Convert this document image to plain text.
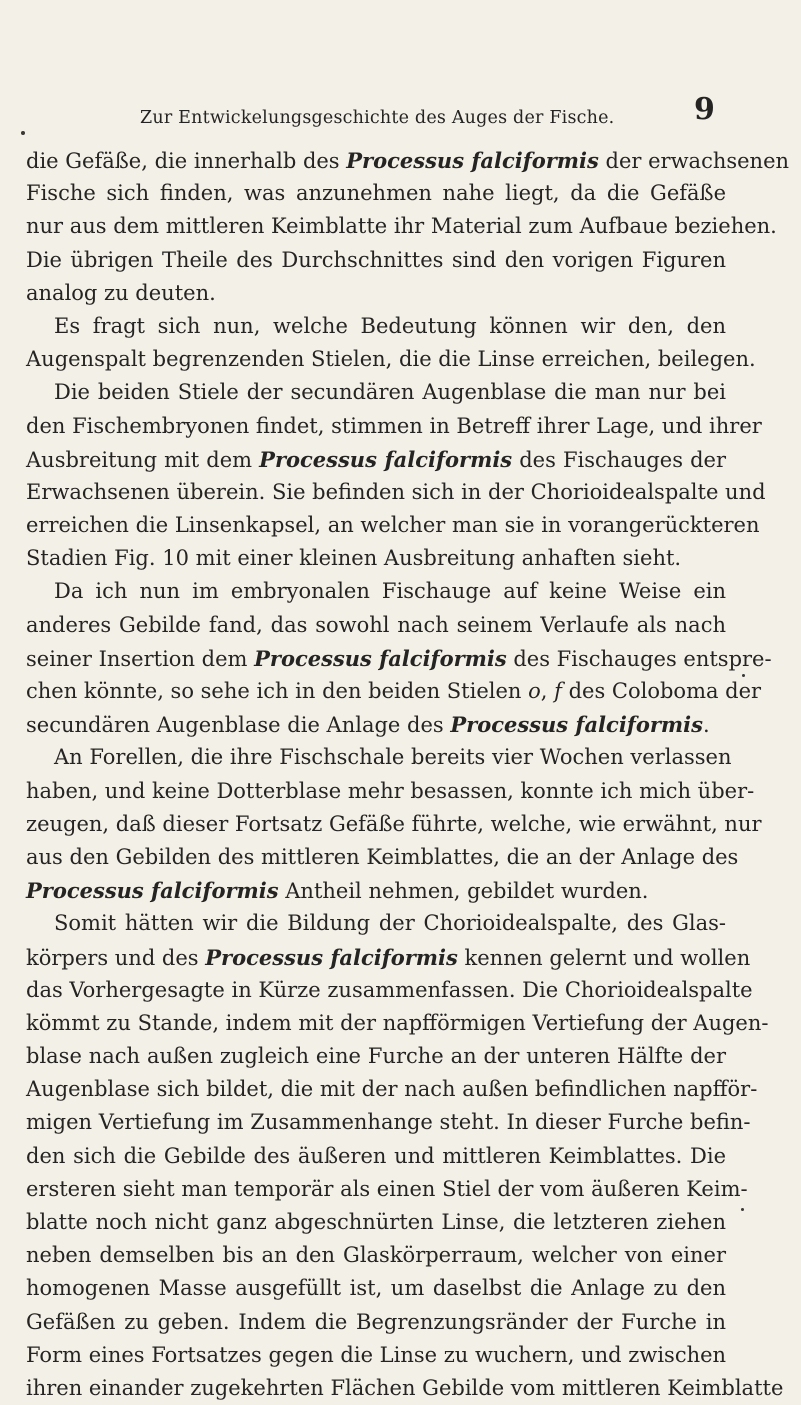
Zur Entwickelungsgeschichte des Auges der Fische.	9
die Gefäße, die innerhalb des Processus falciformis der erwachsenen
Fische sich finden, was anzunehmen nahe liegt, da die Gefäße
nur aus dem mittleren Keimblatte ihr Material zum Aufbaue beziehen.
Die übrigen Theile des Durchschnittes sind den vorigen Figuren
analog zu deuten.
Es fragt sich nun, welche Bedeutung können wir den, den
Augenspalt begrenzenden Stielen, die die Linse erreichen, beilegen.
Die beiden Stiele der secundären Augenblase die man nur bei
den Fischembryonen findet, stimmen in Betreff ihrer Lage, und ihrer
Ausbreitung mit dem Processus falciformis des Fischauges der
Erwachsenen überein. Sie befinden sich in der Chorioidealspalte und
erreichen die Linsenkapsel, an welcher man sie in vorangerückteren
Stadien Fig. 10 mit einer kleinen Ausbreitung anhaften sieht.
Da ich nun im embryonalen Fischauge auf keine Weise ein
anderes Gebilde fand, das sowohl nach seinem Verlaufe als nach
seiner Insertion dem Processus falciformis des Fischauges entspre-
chen könnte, so sehe ich in den beiden Stielen o, f des Coloboma der
secundären Augenblase die Anlage des Processus falciformis.
An Forellen, die ihre Fischschale bereits vier Wochen verlassen
haben, und keine Dotterblase mehr besassen, konnte ich mich über-
zeugen, daß dieser Fortsatz Gefäße führte, welche, wie erwähnt, nur
aus den Gebilden des mittleren Keimblattes, die an der Anlage des
Processus falciformis Antheil nehmen, gebildet wurden.
Somit hätten wir die Bildung der Chorioidealspalte, des Glas-
körpers und des Processus falciformis kennen gelernt und wollen
das Vorhergesagte in Kürze zusammenfassen. Die Chorioidealspalte
kömmt zu Stande, indem mit der napfförmigen Vertiefung der Augen-
blase nach außen zugleich eine Furche an der unteren Hälfte der
Augenblase sich bildet, die mit der nach außen befindlichen napfför-
migen Vertiefung im Zusammenhange steht. In dieser Furche befin-
den sich die Gebilde des äußeren und mittleren Keimblattes. Die
ersteren sieht man temporär als einen Stiel der vom äußeren Keim-
blatte noch nicht ganz abgeschnürten Linse, die letzteren ziehen
neben demselben bis an den Glaskörperraum, welcher von einer
homogenen Masse ausgefüllt ist, um daselbst die Anlage zu den
Gefäßen zu geben. Indem die Begrenzungsränder der Furche in
Form eines Fortsatzes gegen die Linse zu wuchern, und zwischen
ihren einander zugekehrten Flächen Gebilde vom mittleren Keimblatte
